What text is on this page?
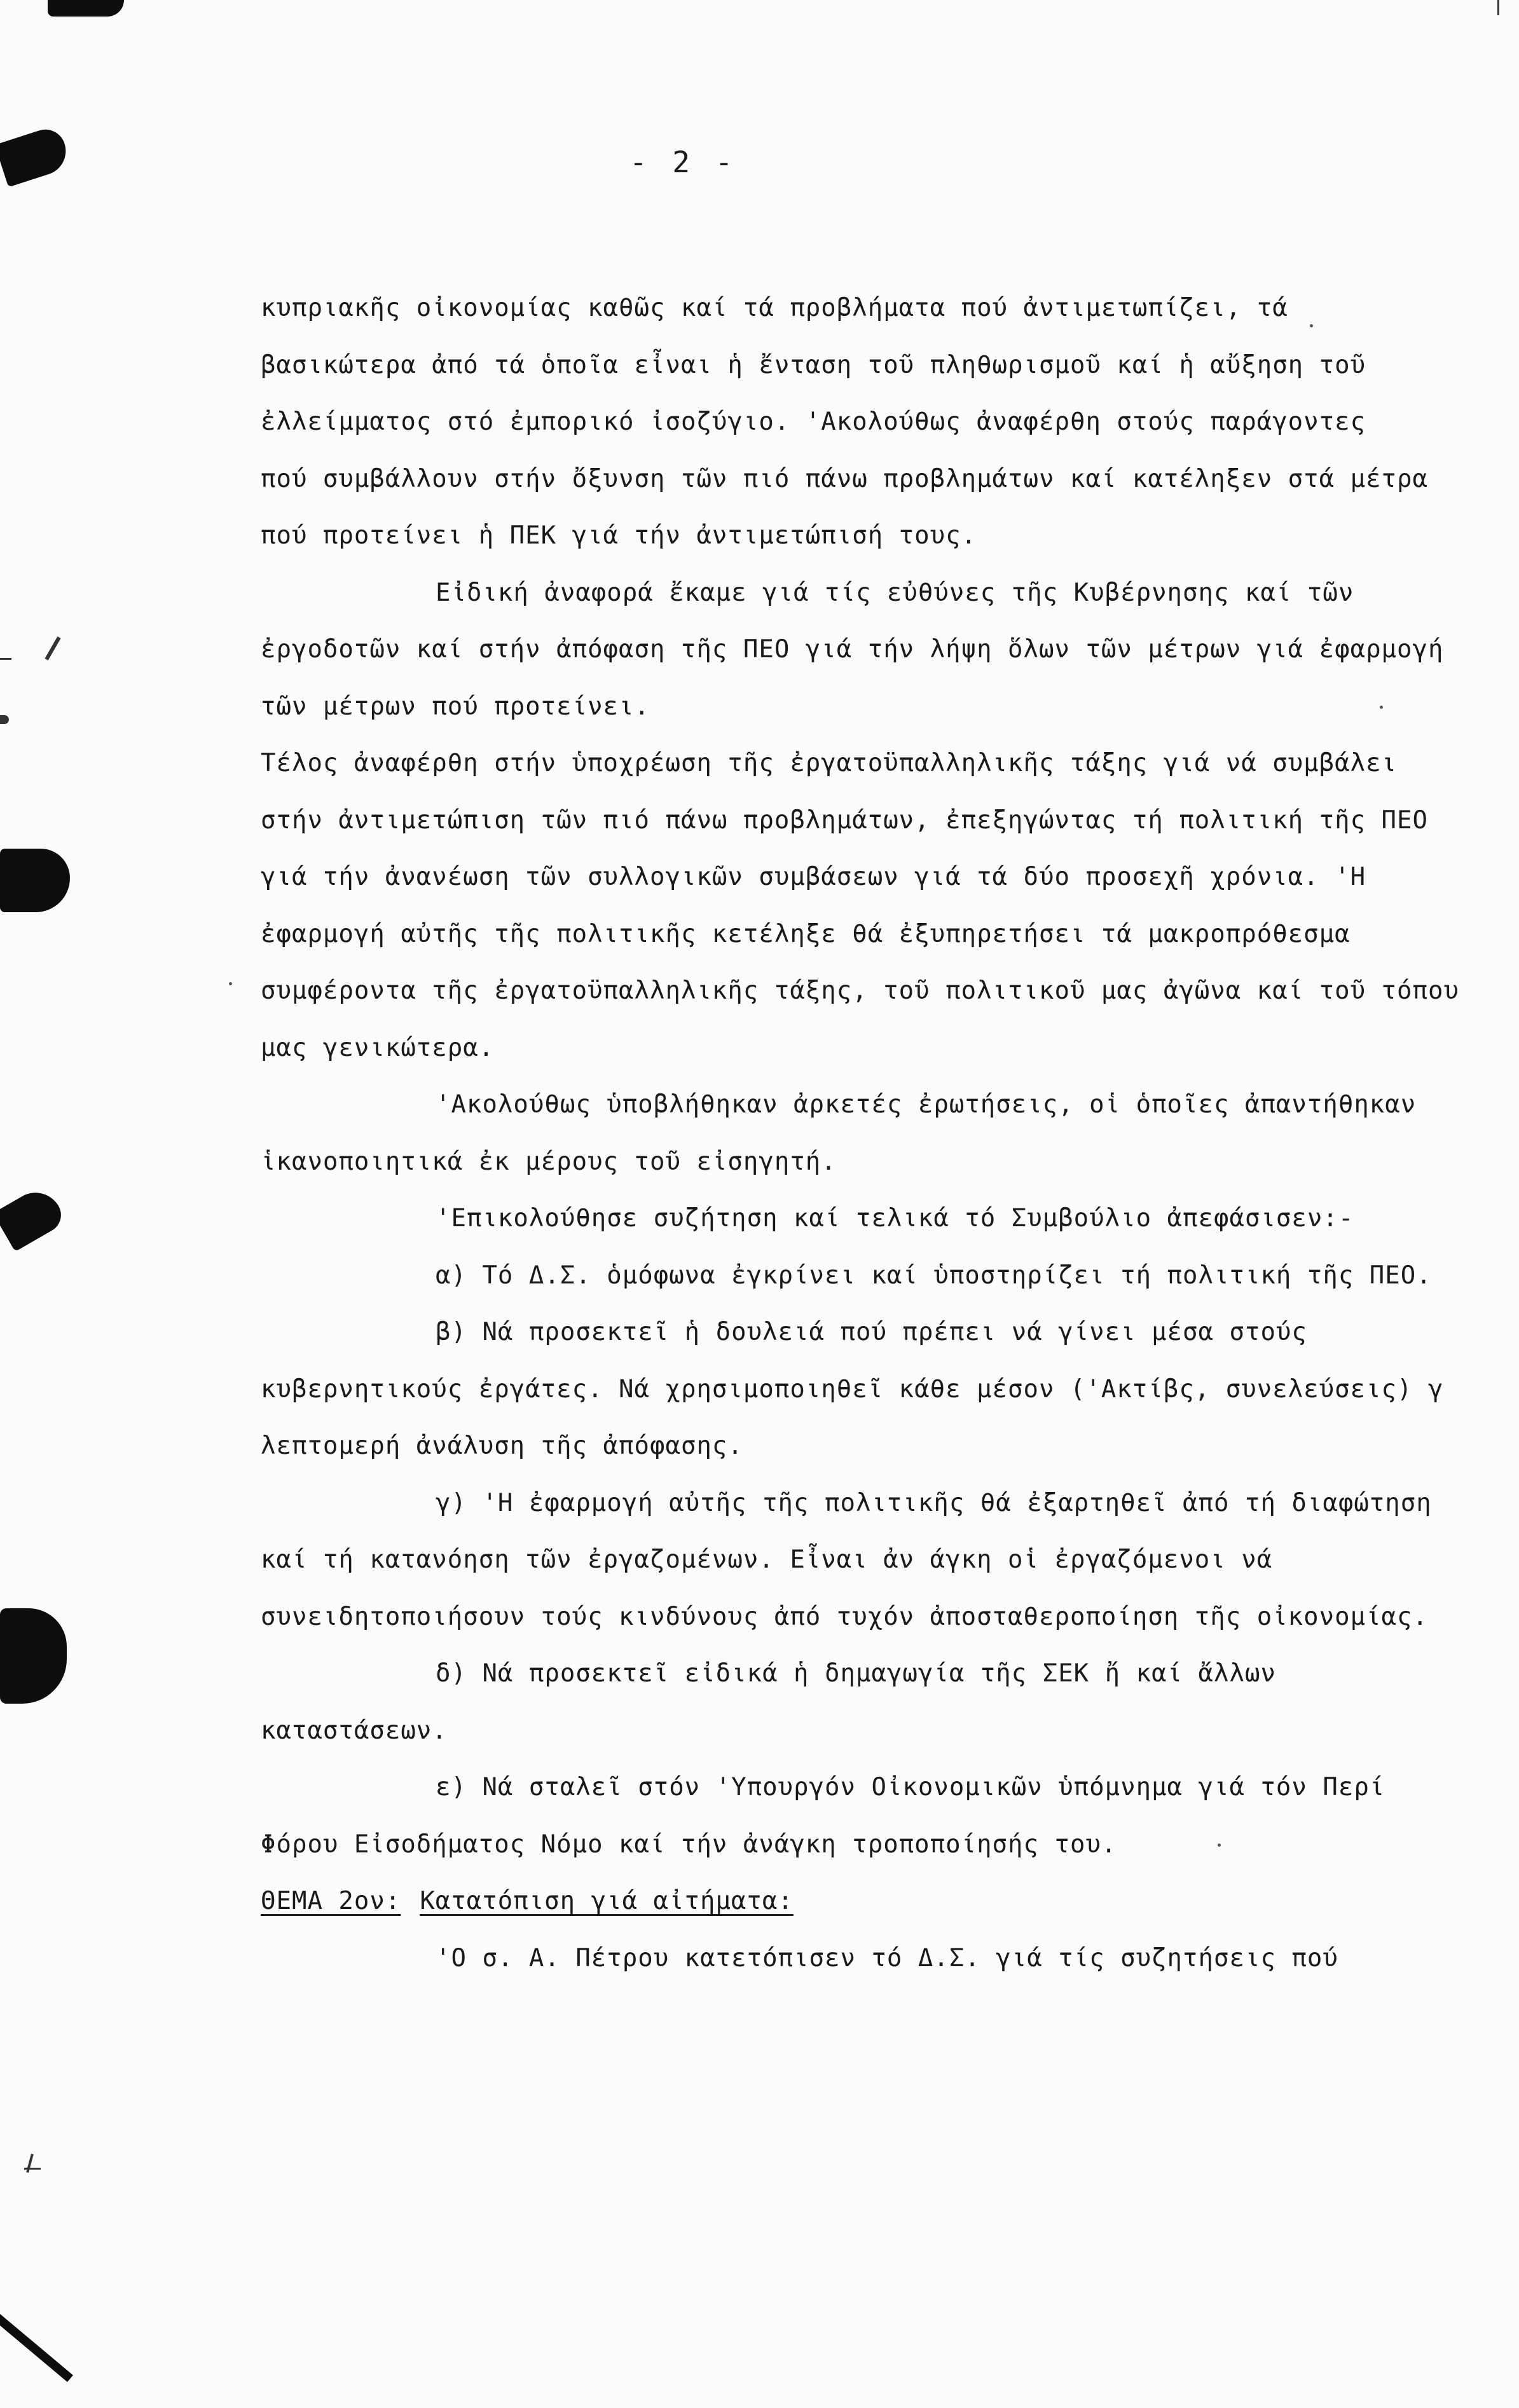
- 2 -
κυπριακῆς οἰκονομίας καθῶς καί τά προβλήματα πού ἀντιμετωπίζει, τά
βασικώτερα ἀπό τά ὁποῖα εἶναι ἡ ἔνταση τοῦ πληθωρισμοῦ καί ἡ αὔξηση τοῦ
ἐλλείμματος στό ἐμπορικό ἰσοζύγιο. 'Ακολούθως ἀναφέρθη στούς παράγοντες
πού συμβάλλουν στήν ὄξυνση τῶν πιό πάνω προβλημάτων καί κατέληξεν στά μέτρα
πού προτείνει ἡ ΠΕΚ γιά τήν ἀντιμετώπισή τους.
Εἰδική ἀναφορά ἔκαμε γιά τίς εὐθύνες τῆς Κυβέρνησης καί τῶν
ἐργοδοτῶν καί στήν ἀπόφαση τῆς ΠΕΟ γιά τήν λήψη ὅλων τῶν μέτρων γιά ἐφαρμογή
τῶν μέτρων πού προτείνει.
Τέλος ἀναφέρθη στήν ὑποχρέωση τῆς ἐργατοϋπαλληλικῆς τάξης γιά νά συμβάλει
στήν ἀντιμετώπιση τῶν πιό πάνω προβλημάτων, ἐπεξηγώντας τή πολιτική τῆς ΠΕΟ
γιά τήν ἀνανέωση τῶν συλλογικῶν συμβάσεων γιά τά δύο προσεχῆ χρόνια. 'Η
ἐφαρμογή αὐτῆς τῆς πολιτικῆς κετέληξε θά ἐξυπηρετήσει τά μακροπρόθεσμα
συμφέροντα τῆς ἐργατοϋπαλληλικῆς τάξης, τοῦ πολιτικοῦ μας ἀγῶνα καί τοῦ τόπου
μας γενικώτερα.
'Ακολούθως ὑποβλήθηκαν ἀρκετές ἐρωτήσεις, οἱ ὁποῖες ἀπαντήθηκαν
ἱκανοποιητικά ἐκ μέρους τοῦ εἰσηγητή.
'Επικολούθησε συζήτηση καί τελικά τό Συμβούλιο ἀπεφάσισεν:-
α) Τό Δ.Σ. ὁμόφωνα ἐγκρίνει καί ὑποστηρίζει τή πολιτική τῆς ΠΕΟ.
β) Νά προσεκτεῖ ἡ δουλειά πού πρέπει νά γίνει μέσα στούς
κυβερνητικούς ἐργάτες. Νά χρησιμοποιηθεῖ κάθε μέσον ('Ακτίβς, συνελεύσεις) γ
λεπτομερή ἀνάλυση τῆς ἀπόφασης.
γ) 'Η ἐφαρμογή αὐτῆς τῆς πολιτικῆς θά ἐξαρτηθεῖ ἀπό τή διαφώτηση
καί τή κατανόηση τῶν ἐργαζομένων. Εἶναι ἀν άγκη οἱ ἐργαζόμενοι νά
συνειδητοποιήσουν τούς κινδύνους ἀπό τυχόν ἀποσταθεροποίηση τῆς οἰκονομίας.
δ) Νά προσεκτεῖ εἰδικά ἡ δημαγωγία τῆς ΣΕΚ ἤ καί ἄλλων
καταστάσεων.
ε) Νά σταλεῖ στόν 'Υπουργόν Οἰκονομικῶν ὑπόμνημα γιά τόν Περί
Φόρου Εἰσοδήματος Νόμο καί τήν ἀνάγκη τροποποίησής του.
ΘΕΜΑ 2ον: Κατατόπιση γιά αἰτήματα:
'Ο σ. Α. Πέτρου κατετόπισεν τό Δ.Σ. γιά τίς συζητήσεις πού
